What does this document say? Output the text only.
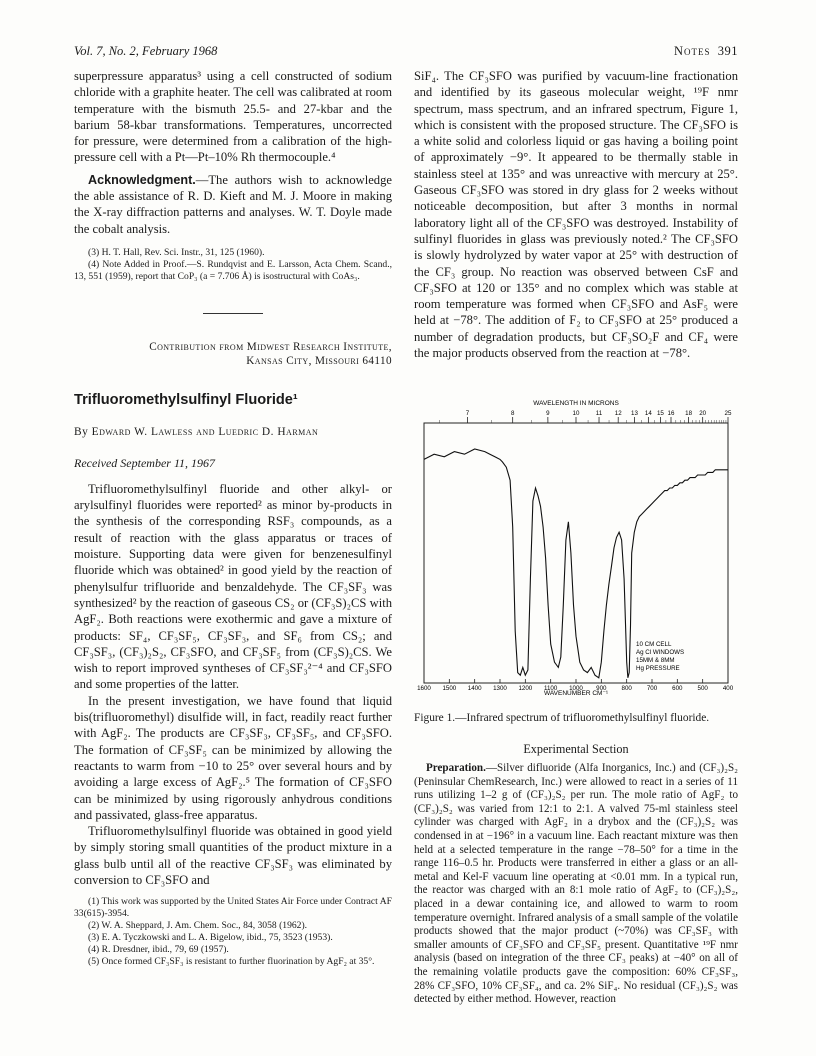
Vol. 7, No. 2, February 1968	Notes 391

superpressure apparatus³ using a cell constructed of sodium chloride with a graphite heater. The cell was calibrated at room temperature with the bismuth 25.5- and 27-kbar and the barium 58-kbar transformations. Temperatures, uncorrected for pressure, were determined from a calibration of the high-pressure cell with a Pt—Pt–10% Rh thermocouple.⁴

Acknowledgment.—The authors wish to acknowledge the able assistance of R. D. Kieft and M. J. Moore in making the X-ray diffraction patterns and analyses. W. T. Doyle made the cobalt analysis.

(3) H. T. Hall, Rev. Sci. Instr., 31, 125 (1960).

(4) Note Added in Proof.—S. Rundqvist and E. Larsson, Acta Chem. Scand., 13, 551 (1959), report that CoP₃ (a = 7.706 Å) is isostructural with CoAs₃.

Contribution from Midwest Research Institute,
Kansas City, Missouri 64110
Trifluoromethylsulfinyl Fluoride¹
By Edward W. Lawless and Luedric D. Harman
Received September 11, 1967

Trifluoromethylsulfinyl fluoride and other alkyl- or arylsulfinyl fluorides were reported² as minor by-products in the synthesis of the corresponding RSF₃ compounds, as a result of reaction with the glass apparatus or traces of moisture. Supporting data were given for benzenesulfinyl fluoride which was obtained² in good yield by the reaction of phenylsulfur trifluoride and benzaldehyde. The CF₃SF₃ was synthesized² by the reaction of gaseous CS₂ or (CF₃S)₂CS with AgF₂. Both reactions were exothermic and gave a mixture of products: SF₄, CF₃SF₅, CF₃SF₃, and SF₆ from CS₂; and CF₃SF₃, (CF₃)₂S₂, CF₃SFO, and CF₃SF₅ from (CF₃S)₂CS. We wish to report improved syntheses of CF₃SF₃²⁻⁴ and CF₃SFO and some properties of the latter.

In the present investigation, we have found that liquid bis(trifluoromethyl) disulfide will, in fact, readily react further with AgF₂. The products are CF₃SF₃, CF₃SF₅, and CF₃SFO. The formation of CF₃SF₅ can be minimized by allowing the reactants to warm from −10 to 25° over several hours and by avoiding a large excess of AgF₂.⁵ The formation of CF₃SFO can be minimized by using rigorously anhydrous conditions and passivated, glass-free apparatus.

Trifluoromethylsulfinyl fluoride was obtained in good yield by simply storing small quantities of the product mixture in a glass bulb until all of the reactive CF₃SF₃ was eliminated by conversion to CF₃SFO and

(1) This work was supported by the United States Air Force under Contract AF 33(615)-3954.

(2) W. A. Sheppard, J. Am. Chem. Soc., 84, 3058 (1962).

(3) E. A. Tyczkowski and L. A. Bigelow, ibid., 75, 3523 (1953).

(4) R. Dresdner, ibid., 79, 69 (1957).

(5) Once formed CF₃SF₃ is resistant to further fluorination by AgF₂ at 35°.

SiF₄. The CF₃SFO was purified by vacuum-line fractionation and identified by its gaseous molecular weight, ¹⁹F nmr spectrum, mass spectrum, and an infrared spectrum, Figure 1, which is consistent with the proposed structure. The CF₃SFO is a white solid and colorless liquid or gas having a boiling point of approximately −9°. It appeared to be thermally stable in stainless steel at 135° and was unreactive with mercury at 25°. Gaseous CF₃SFO was stored in dry glass for 2 weeks without noticeable decomposition, but after 3 months in normal laboratory light all of the CF₃SFO was destroyed. Instability of sulfinyl fluorides in glass was previously noted.² The CF₃SFO is slowly hydrolyzed by water vapor at 25° with destruction of the CF₃ group. No reaction was observed between CsF and CF₃SFO at 120 or 135° and no complex which was stable at room temperature was formed when CF₃SFO and AsF₅ were held at −78°. The addition of F₂ to CF₃SFO at 25° produced a number of degradation products, but CF₃SO₂F and CF₄ were the major products observed from the reaction at −78°.

WAVELENGTH IN MICRONS
7	8	9	10	11 12 13 14 15 16 18 20	25
10 CM CELL
Ag Cl WINDOWS
15MM & 8MM
Hg PRESSURE
1600 1500 1400 1300 1200 1100 1000 900 800 700 600 500 400
WAVENUMBER CM⁻¹
Figure 1.—Infrared spectrum of trifluoromethylsulfinyl fluoride.
Experimental Section

Preparation.—Silver difluoride (Alfa Inorganics, Inc.) and (CF₃)₂S₂ (Peninsular ChemResearch, Inc.) were allowed to react in a series of 11 runs utilizing 1–2 g of (CF₃)₂S₂ per run. The mole ratio of AgF₂ to (CF₃)₂S₂ was varied from 12:1 to 2:1. A valved 75-ml stainless steel cylinder was charged with AgF₂ in a drybox and the (CF₃)₂S₂ was condensed in at −196° in a vacuum line. Each reactant mixture was then held at a selected temperature in the range −78–50° for a time in the range 116–0.5 hr. Products were transferred in either a glass or an all-metal and Kel-F vacuum line operating at <0.01 mm. In a typical run, the reactor was charged with an 8:1 mole ratio of AgF₂ to (CF₃)₂S₂, placed in a dewar containing ice, and allowed to warm to room temperature overnight. Infrared analysis of a small sample of the volatile products showed that the major product (~70%) was CF₃SF₃ with smaller amounts of CF₃SFO and CF₃SF₅ present. Quantitative ¹⁹F nmr analysis (based on integration of the three CF₃ peaks) at −40° on all of the remaining volatile products gave the composition: 60% CF₃SF₃, 28% CF₃SFO, 10% CF₃SF₄, and ca. 2% SiF₄. No residual (CF₃)₂S₂ was detected by either method. However, reaction
